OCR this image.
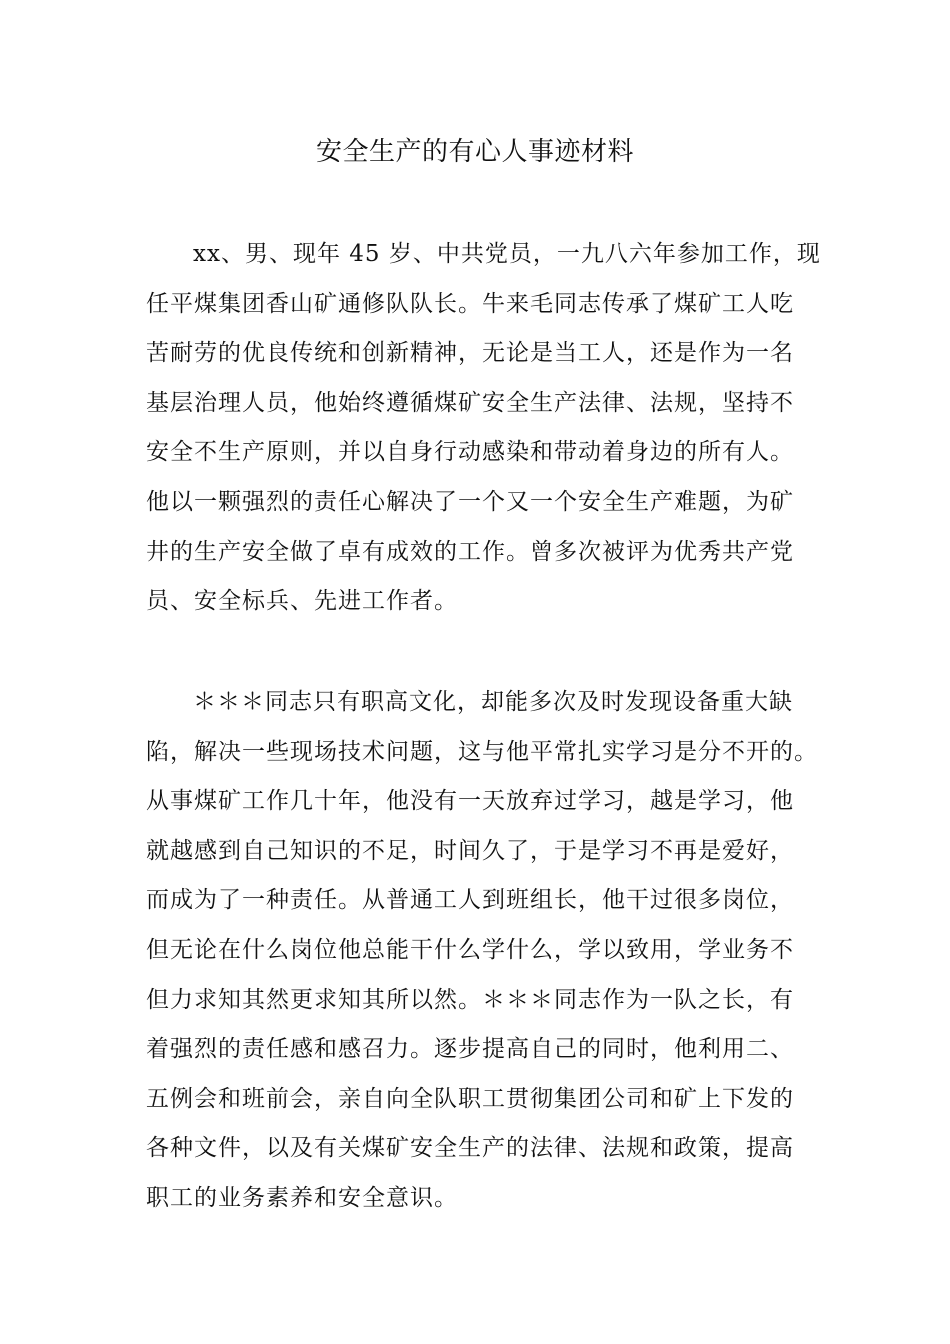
安全生产的有心人事迹材料

xx、男、现年 45 岁、中共党员，一九八六年参加工作，现

任平煤集团香山矿通修队队长。牛来毛同志传承了煤矿工人吃

苦耐劳的优良传统和创新精神，无论是当工人，还是作为一名

基层治理人员，他始终遵循煤矿安全生产法律、法规，坚持不

安全不生产原则，并以自身行动感染和带动着身边的所有人。

他以一颗强烈的责任心解决了一个又一个安全生产难题，为矿

井的生产安全做了卓有成效的工作。曾多次被评为优秀共产党

员、安全标兵、先进工作者。

＊＊＊同志只有职高文化，却能多次及时发现设备重大缺

陷，解决一些现场技术问题，这与他平常扎实学习是分不开的。

从事煤矿工作几十年，他没有一天放弃过学习，越是学习，他

就越感到自己知识的不足，时间久了，于是学习不再是爱好，

而成为了一种责任。从普通工人到班组长，他干过很多岗位，

但无论在什么岗位他总能干什么学什么，学以致用，学业务不

但力求知其然更求知其所以然。＊＊＊同志作为一队之长，有

着强烈的责任感和感召力。逐步提高自己的同时，他利用二、

五例会和班前会，亲自向全队职工贯彻集团公司和矿上下发的

各种文件，以及有关煤矿安全生产的法律、法规和政策，提高

职工的业务素养和安全意识。
